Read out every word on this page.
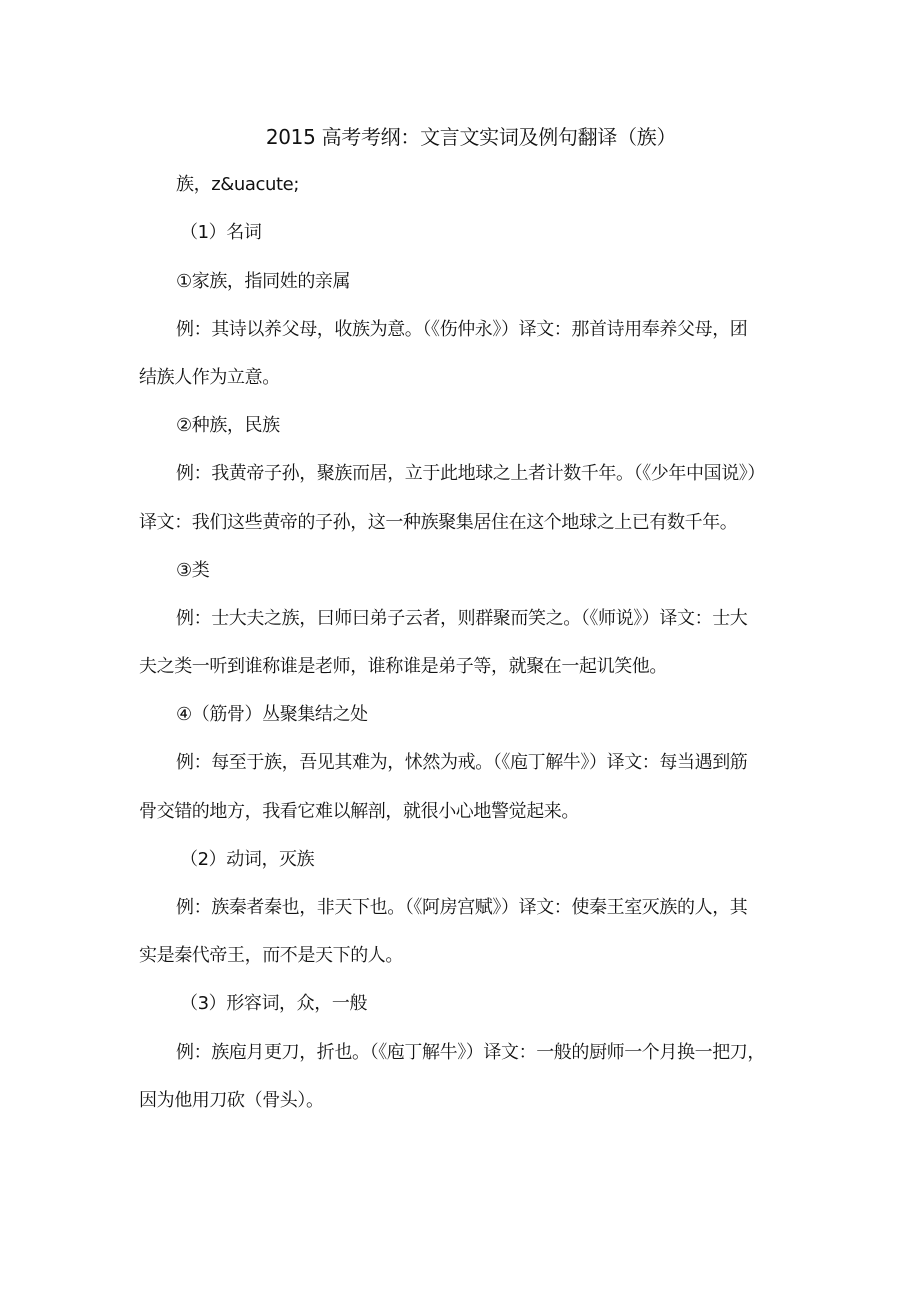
2015 高考考纲：文言文实词及例句翻译（族）
族，z&uacute;
（1）名词
①家族，指同姓的亲属
例：其诗以养父母，收族为意。（《伤仲永》）译文：那首诗用奉养父母，团
结族人作为立意。
②种族，民族
例：我黄帝子孙，聚族而居，立于此地球之上者计数千年。（《少年中国说》）
译文：我们这些黄帝的子孙，这一种族聚集居住在这个地球之上已有数千年。
③类
例：士大夫之族，曰师曰弟子云者，则群聚而笑之。（《师说》）译文：士大
夫之类一听到谁称谁是老师，谁称谁是弟子等，就聚在一起讥笑他。
④（筋骨）丛聚集结之处
例：每至于族，吾见其难为，怵然为戒。（《庖丁解牛》）译文：每当遇到筋
骨交错的地方，我看它难以解剖，就很小心地警觉起来。
（2）动词，灭族
例：族秦者秦也，非天下也。（《阿房宫赋》）译文：使秦王室灭族的人，其
实是秦代帝王，而不是天下的人。
（3）形容词，众，一般
例：族庖月更刀，折也。（《庖丁解牛》）译文：一般的厨师一个月换一把刀，
因为他用刀砍（骨头）。
